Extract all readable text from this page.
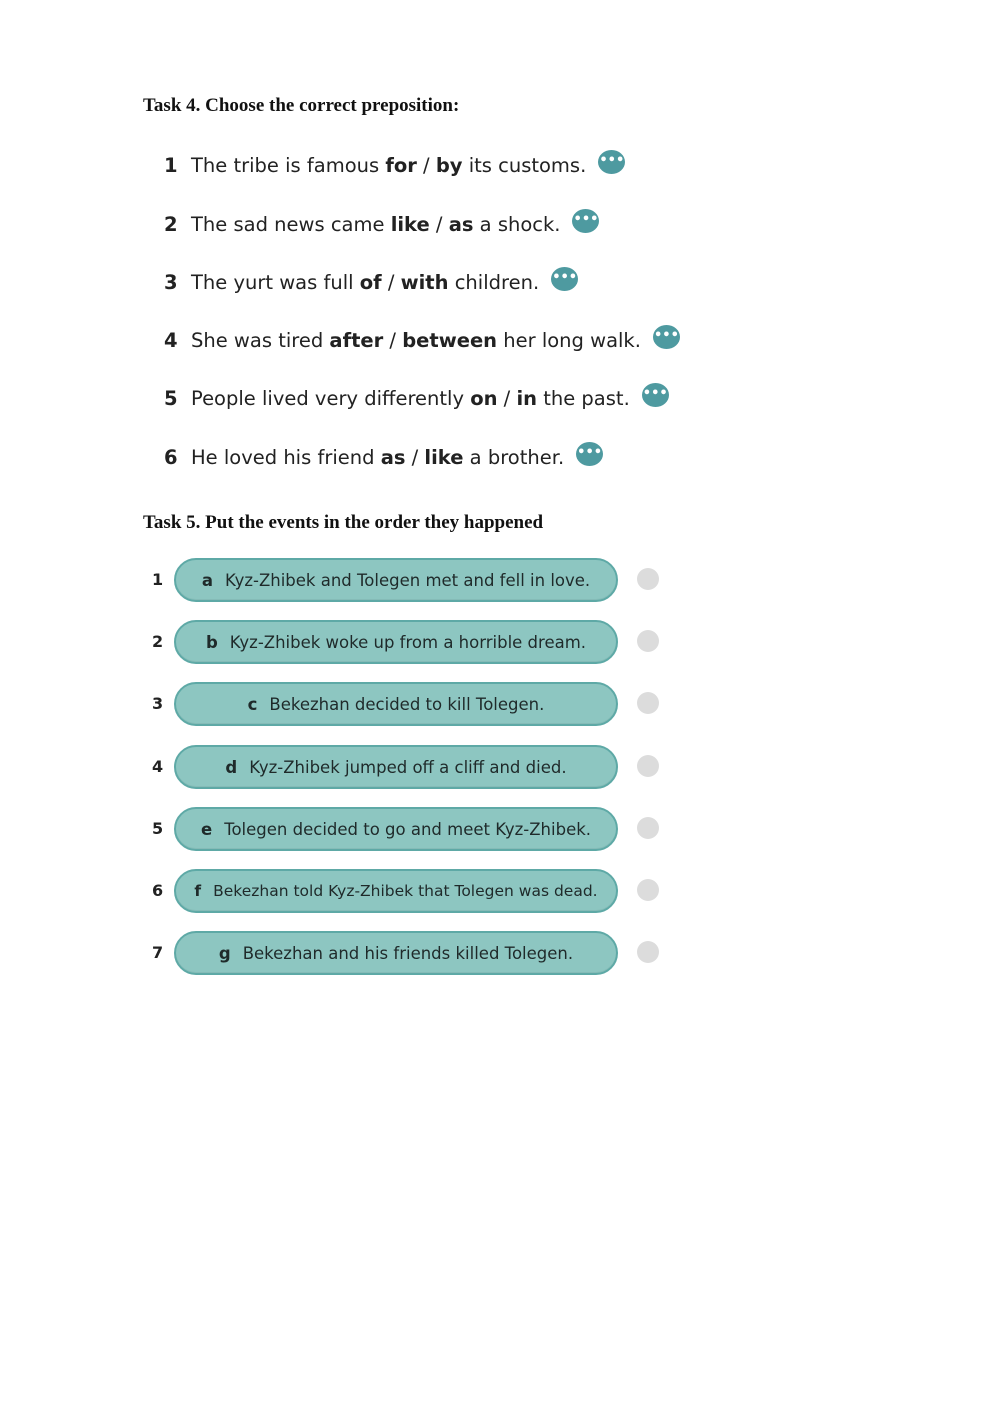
Task 4. Choose the correct preposition:
1 The tribe is famous for / by its customs. •••
2 The sad news came like / as a shock. •••
3 The yurt was full of / with children. •••
4 She was tired after / between her long walk. •••
5 People lived very differently on / in the past. •••
6 He loved his friend as / like a brother. •••
Task 5. Put the events in the order they happened
1 a Kyz-Zhibek and Tolegen met and fell in love.
2	b Kyz-Zhibek woke up from a horrible dream.
3	c Bekezhan decided to kill Tolegen.
4	d Kyz-Zhibek jumped off a cliff and died.
5 e Tolegen decided to go and meet Kyz-Zhibek.
6 f Bekezhan told Kyz-Zhibek that Tolegen was dead.
7	g Bekezhan and his friends killed Tolegen.
